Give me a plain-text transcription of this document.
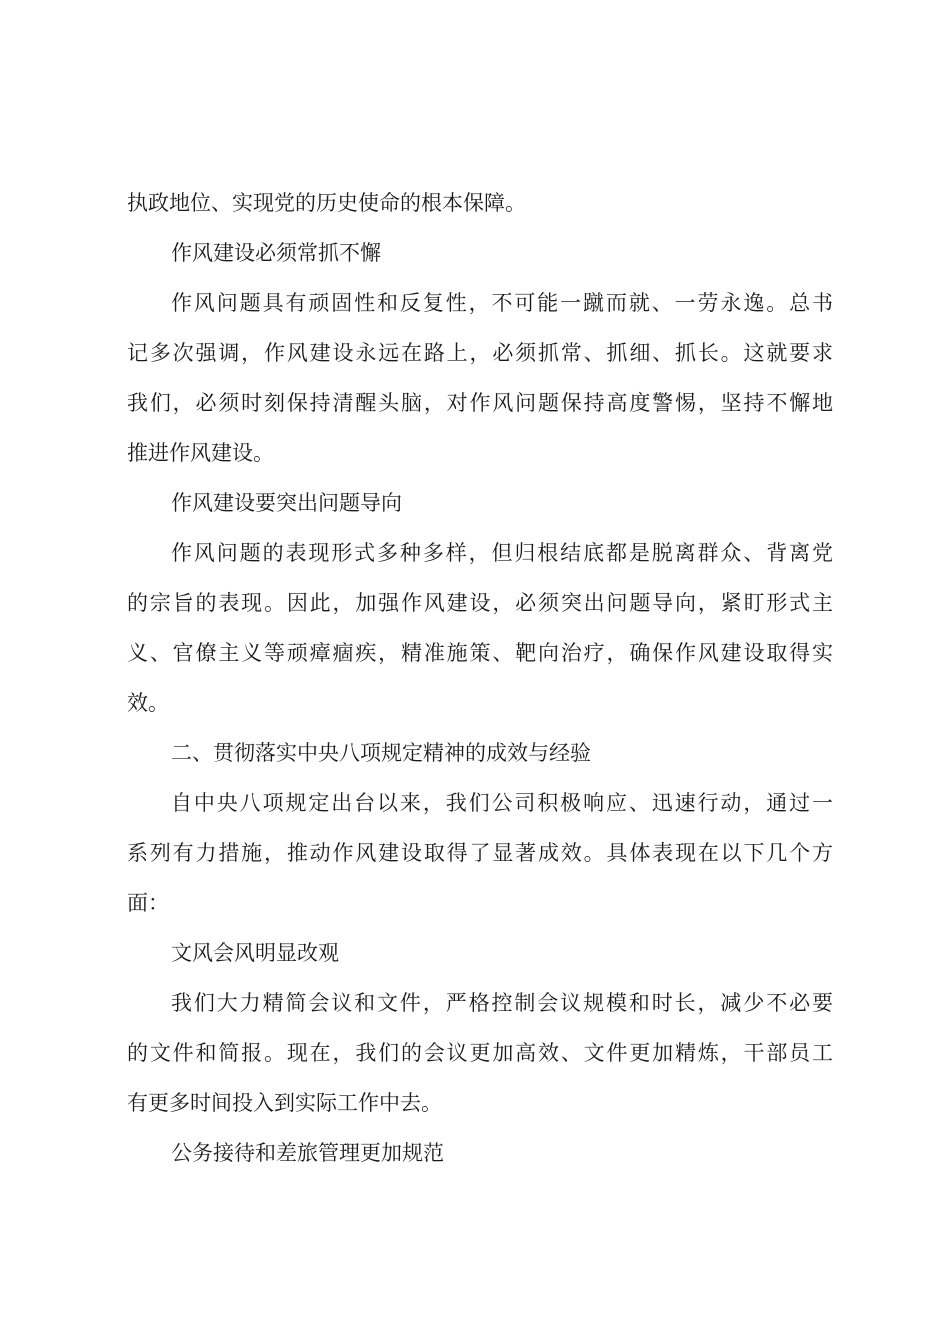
执政地位、实现党的历史使命的根本保障。
作风建设必须常抓不懈
作风问题具有顽固性和反复性，不可能一蹴而就、一劳永逸。总书
记多次强调，作风建设永远在路上，必须抓常、抓细、抓长。这就要求
我们，必须时刻保持清醒头脑，对作风问题保持高度警惕，坚持不懈地
推进作风建设。
作风建设要突出问题导向
作风问题的表现形式多种多样，但归根结底都是脱离群众、背离党
的宗旨的表现。因此，加强作风建设，必须突出问题导向，紧盯形式主
义、官僚主义等顽瘴痼疾，精准施策、靶向治疗，确保作风建设取得实
效。
二、贯彻落实中央八项规定精神的成效与经验
自中央八项规定出台以来，我们公司积极响应、迅速行动，通过一
系列有力措施，推动作风建设取得了显著成效。具体表现在以下几个方
面：
文风会风明显改观
我们大力精简会议和文件，严格控制会议规模和时长，减少不必要
的文件和简报。现在，我们的会议更加高效、文件更加精炼，干部员工
有更多时间投入到实际工作中去。
公务接待和差旅管理更加规范
